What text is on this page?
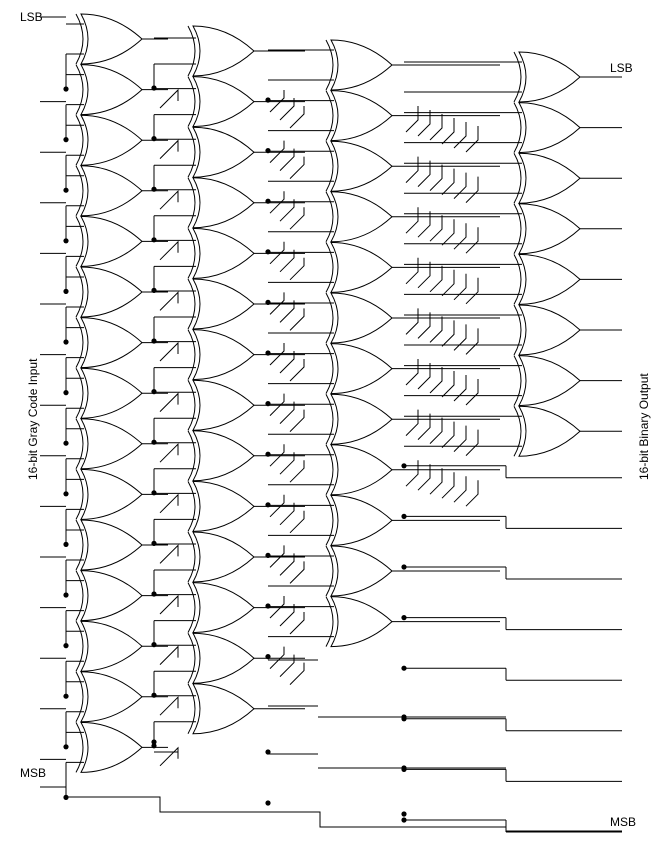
LSB
MSB
LSB
MSB
16-bit Gray Code Input	16-bit Binary Output
